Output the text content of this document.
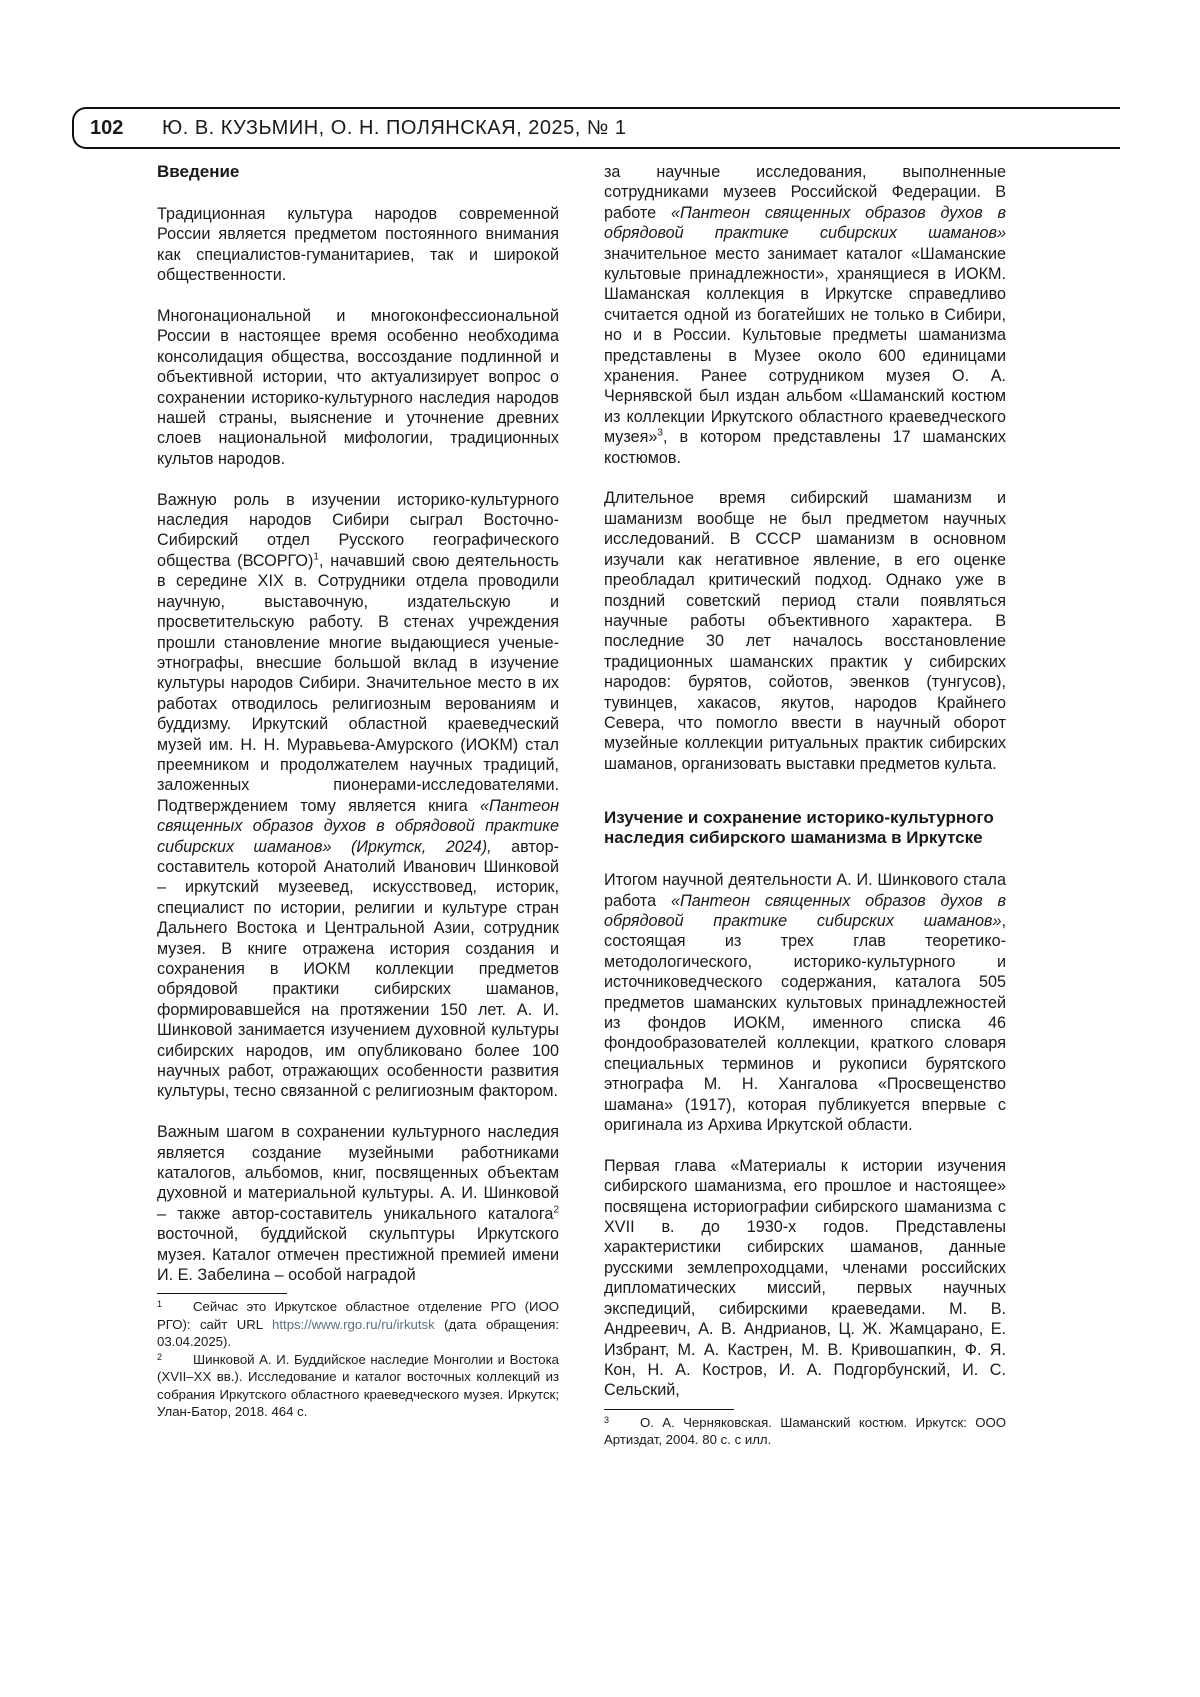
102 Ю. В. КУЗЬМИН, О. Н. ПОЛЯНСКАЯ, 2025, № 1
Введение

Традиционная культура народов современной России является предметом постоянного внимания как специалистов-гуманитариев, так и широкой общественности.

Многонациональной и многоконфессиональной России в настоящее время особенно необходима консолидация общества, воссоздание подлинной и объективной истории, что актуализирует вопрос о сохранении историко-культурного наследия народов нашей страны, выяснение и уточнение древних слоев национальной мифологии, традиционных культов народов.

Важную роль в изучении историко-культурного наследия народов Сибири сыграл Восточно-Сибирский отдел Русского географического общества (ВСОРГО)$^1$, начавший свою деятельность в середине XIX в. Сотрудники отдела проводили научную, выставочную, издательскую и просветительскую работу. В стенах учреждения прошли становление многие выдающиеся ученые-этнографы, внесшие большой вклад в изучение культуры народов Сибири. Значительное место в их работах отводилось религиозным верованиям и буддизму. Иркутский областной краеведческий музей им. Н. Н. Муравьева-Амурского (ИОКМ) стал преемником и продолжателем научных традиций, заложенных пионерами-исследователями. Подтверждением тому является книга «Пантеон священных образов духов в обрядовой практике сибирских шаманов» (Иркутск, 2024), автор-составитель которой Анатолий Иванович Шинковой – иркутский музеевед, искусствовед, историк, специалист по истории, религии и культуре стран Дальнего Востока и Центральной Азии, сотрудник музея. В книге отражена история создания и сохранения в ИОКМ коллекции предметов обрядовой практики сибирских шаманов, формировавшейся на протяжении 150 лет. А. И. Шинковой занимается изучением духовной культуры сибирских народов, им опубликовано более 100 научных работ, отражающих особенности развития культуры, тесно связанной с религиозным фактором.

Важным шагом в сохранении культурного наследия является создание музейными работниками каталогов, альбомов, книг, посвященных объектам духовной и материальной культуры. А. И. Шинковой – также автор-составитель уникального каталога$^2$ восточной, буддийской скульптуры Иркутского музея. Каталог отмечен престижной премией имени И. Е. Забелина – особой наградой

1 Сейчас это Иркутское областное отделение РГО (ИОО РГО): сайт URL https://www.rgo.ru/ru/irkutsk (дата обращения: 03.04.2025).
2 Шинковой А. И. Буддийское наследие Монголии и Востока (XVII–XX вв.). Исследование и каталог восточных коллекций из собрания Иркутского областного краеведческого музея. Иркутск; Улан-Батор, 2018. 464 с.

за научные исследования, выполненные сотрудниками музеев Российской Федерации. В работе «Пантеон священных образов духов в обрядовой практике сибирских шаманов» значительное место занимает каталог «Шаманские культовые принадлежности», хранящиеся в ИОКМ. Шаманская коллекция в Иркутске справедливо считается одной из богатейших не только в Сибири, но и в России. Культовые предметы шаманизма представлены в Музее около 600 единицами хранения. Ранее сотрудником музея О. А. Чернявской был издан альбом «Шаманский костюм из коллекции Иркутского областного краеведческого музея»$^3$, в котором представлены 17 шаманских костюмов.

Длительное время сибирский шаманизм и шаманизм вообще не был предметом научных исследований. В СССР шаманизм в основном изучали как негативное явление, в его оценке преобладал критический подход. Однако уже в поздний советский период стали появляться научные работы объективного характера. В последние 30 лет началось восстановление традиционных шаманских практик у сибирских народов: бурятов, сойотов, эвенков (тунгусов), тувинцев, хакасов, якутов, народов Крайнего Севера, что помогло ввести в научный оборот музейные коллекции ритуальных практик сибирских шаманов, организовать выставки предметов культа.

Изучение и сохранение историко-культурного наследия сибирского шаманизма в Иркутске

Итогом научной деятельности А. И. Шинкового стала работа «Пантеон священных образов духов в обрядовой практике сибирских шаманов», состоящая из трех глав теоретико-методологического, историко-культурного и источниковедческого содержания, каталога 505 предметов шаманских культовых принадлежностей из фондов ИОКМ, именного списка 46 фондообразователей коллекции, краткого словаря специальных терминов и рукописи бурятского этнографа М. Н. Хангалова «Просвещенство шамана» (1917), которая публикуется впервые с оригинала из Архива Иркутской области.

Первая глава «Материалы к истории изучения сибирского шаманизма, его прошлое и настоящее» посвящена историографии сибирского шаманизма с XVII в. до 1930-х годов. Представлены характеристики сибирских шаманов, данные русскими землепроходцами, членами российских дипломатических миссий, первых научных экспедиций, сибирскими краеведами. М. В. Андреевич, А. В. Андрианов, Ц. Ж. Жамцарано, Е. Избрант, М. А. Кастрен, М. В. Кривошапкин, Ф. Я. Кон, Н. А. Костров, И. А. Подгорбунский, И. С. Сельский,

3 О. А. Черняковская. Шаманский костюм. Иркутск: ООО Артиздат, 2004. 80 с. с илл.
